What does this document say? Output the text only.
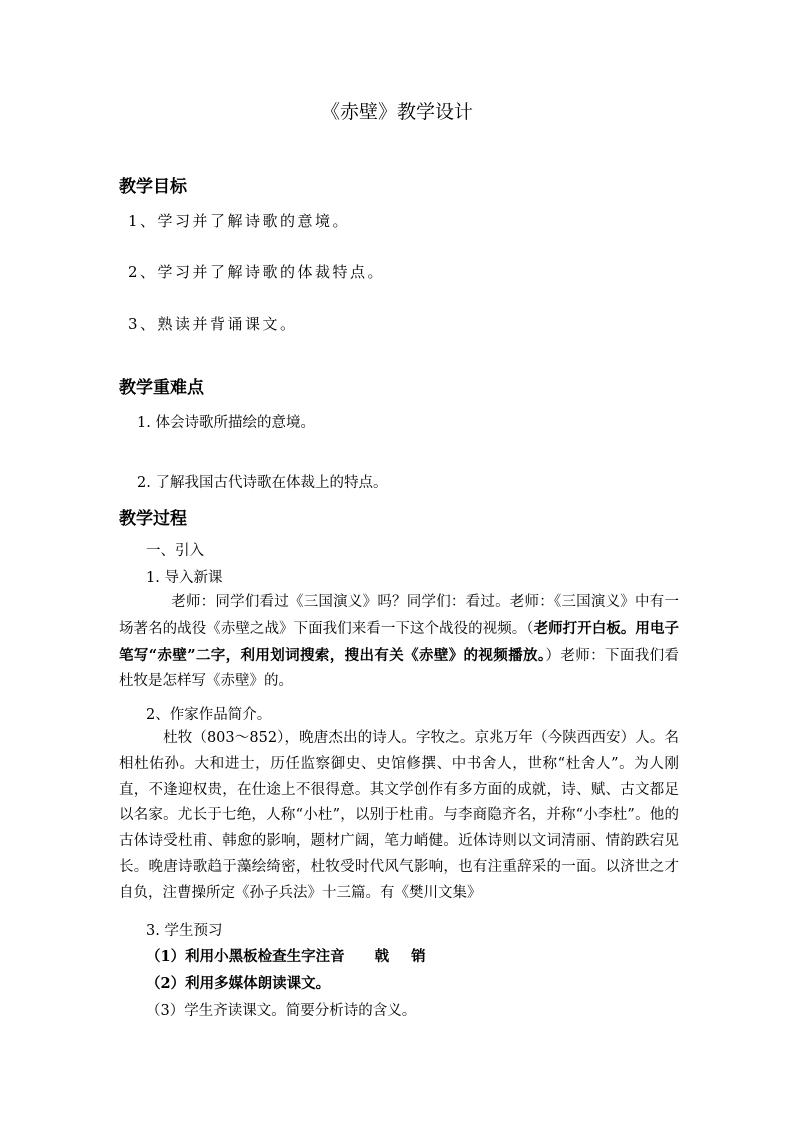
《赤壁》教学设计
教学目标
1、学习并了解诗歌的意境。
2、学习并了解诗歌的体裁特点。
3、熟读并背诵课文。
教学重难点
1. 体会诗歌所描绘的意境。
2. 了解我国古代诗歌在体裁上的特点。
教学过程
一、引入
1. 导入新课
老师：同学们看过《三国演义》吗？同学们：看过。老师：《三国演义》中有一场著名的战役《赤壁之战》下面我们来看一下这个战役的视频。（老师打开白板。用电子笔写“赤壁”二字，利用划词搜索，搜出有关《赤壁》的视频播放。）老师：下面我们看杜牧是怎样写《赤壁》的。
2、作家作品简介。
杜牧（803～852），晚唐杰出的诗人。字牧之。京兆万年（今陕西西安）人。名相杜佑孙。大和进士，历任监察御史、史馆修撰、中书舍人，世称“杜舍人”。为人刚直，不逢迎权贵，在仕途上不很得意。其文学创作有多方面的成就，诗、赋、古文都足以名家。尤长于七绝，人称“小杜”，以别于杜甫。与李商隐齐名，并称“小李杜”。他的古体诗受杜甫、韩愈的影响，题材广阔，笔力峭健。近体诗则以文词清丽、情韵跌宕见长。晚唐诗歌趋于藻绘绮密，杜牧受时代风气影响，也有注重辞采的一面。以济世之才自负，注曹操所定《孙子兵法》十三篇。有《樊川文集》
3. 学生预习
（1）利用小黑板检查生字注音 戟 销
（2）利用多媒体朗读课文。
（3）学生齐读课文。简要分析诗的含义。
